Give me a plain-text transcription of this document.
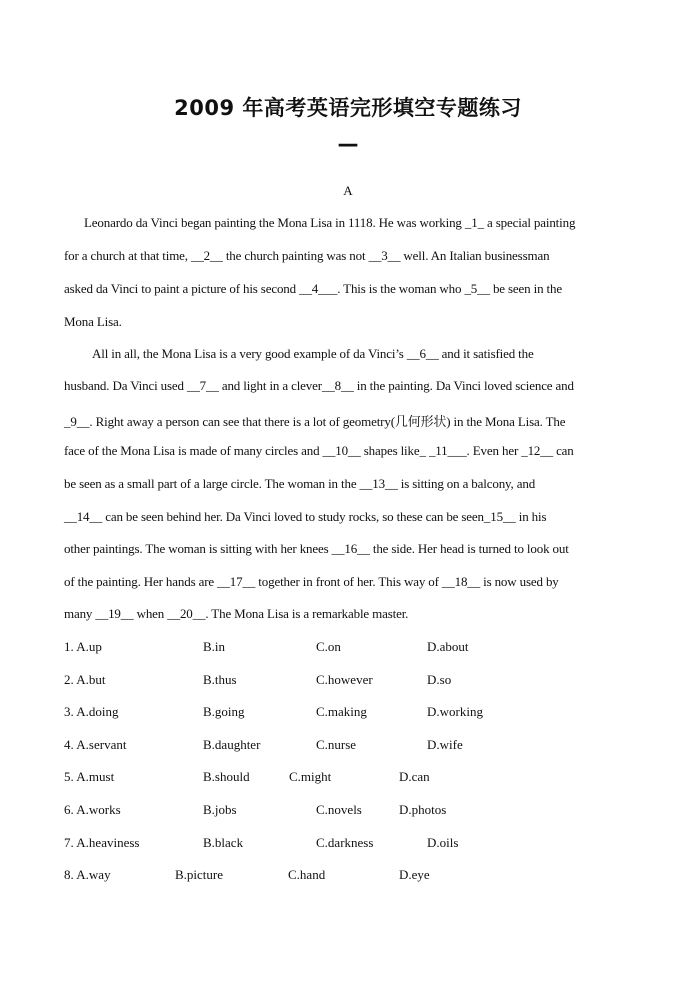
2009 年高考英语完形填空专题练习
—
A
Leonardo da Vinci began painting the Mona Lisa in 1118. He was working _1_ a special painting
for a church at that time, __2__ the church painting was not __3__ well. An Italian businessman
asked da Vinci to paint a picture of his second __4___. This is the woman who _5__ be seen in the
Mona Lisa.
All in all, the Mona Lisa is a very good example of da Vinci’s __6__ and it satisfied the
husband. Da Vinci used __7__ and light in a clever__8__ in the painting. Da Vinci loved science and
_9__. Right away a person can see that there is a lot of geometry(几何形状) in the Mona Lisa. The
face of the Mona Lisa is made of many circles and __10__ shapes like_ _11___. Even her _12__ can
be seen as a small part of a large circle. The woman in the __13__ is sitting on a balcony, and
__14__ can be seen behind her. Da Vinci loved to study rocks, so these can be seen_15__ in his
other paintings. The woman is sitting with her knees __16__ the side. Her head is turned to look out
of the painting. Her hands are __17__ together in front of her. This way of __18__ is now used by
many __19__ when __20__. The Mona Lisa is a remarkable master.
1. A.up	B.in	C.on	D.about
2. A.but	B.thus	C.however	D.so
3. A.doing	B.going	C.making	D.working
4. A.servant	B.daughter	C.nurse	D.wife
5. A.must	B.should	C.might	D.can
6. A.works	B.jobs	C.novels	D.photos
7. A.heaviness	B.black	C.darkness	D.oils
8. A.way	B.picture	C.hand	D.eye
